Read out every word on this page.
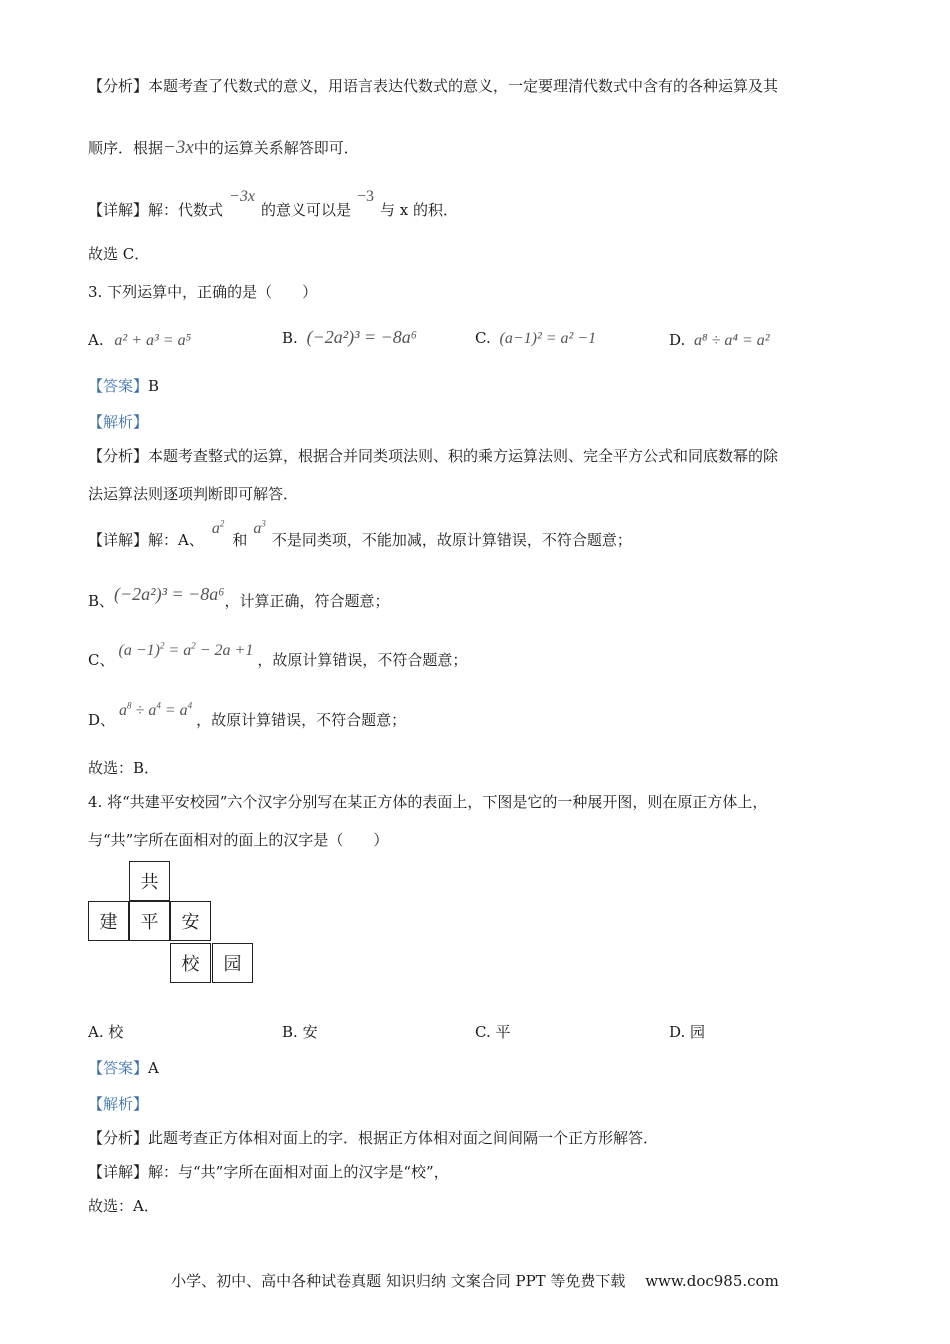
【分析】本题考查了代数式的意义，用语言表达代数式的意义，一定要理清代数式中含有的各种运算及其
顺序．根据−3x中的运算关系解答即可．
【详解】解：代数式−3x的意义可以是−3与 x 的积．
故选 C．
3. 下列运算中，正确的是（　　）
A. a² + a³ = a⁵	B. (−2a²)³ = −8a⁶	C. (a−1)² = a² −1	D. a⁸ ÷ a⁴ = a²
【答案】B
【解析】
【分析】本题考查整式的运算，根据合并同类项法则、积的乘方运算法则、完全平方公式和同底数幂的除
法运算法则逐项判断即可解答．
【详解】解：A、$a^2$和$a^3$不是同类项，不能加减，故原计算错误，不符合题意；
B、(−2a²)³ = −8a⁶，计算正确，符合题意；
C、$(a -1)^2 = a^2 - 2a +1$，故原计算错误，不符合题意；
D、$a^8 \div a^4 = a^4$，故原计算错误，不符合题意；
故选：B．
4. 将“共建平安校园”六个汉字分别写在某正方体的表面上，下图是它的一种展开图，则在原正方体上，
与“共”字所在面相对的面上的汉字是（　　）
共
建	平	安
校	园
A. 校	B. 安	C. 平	D. 园
【答案】A
【解析】
【分析】此题考查正方体相对面上的字．根据正方体相对面之间间隔一个正方形解答．
【详解】解：与“共”字所在面相对面上的汉字是“校”，
故选：A．
小学、初中、高中各种试卷真题 知识归纳 文案合同 PPT 等免费下载　 www.doc985.com
